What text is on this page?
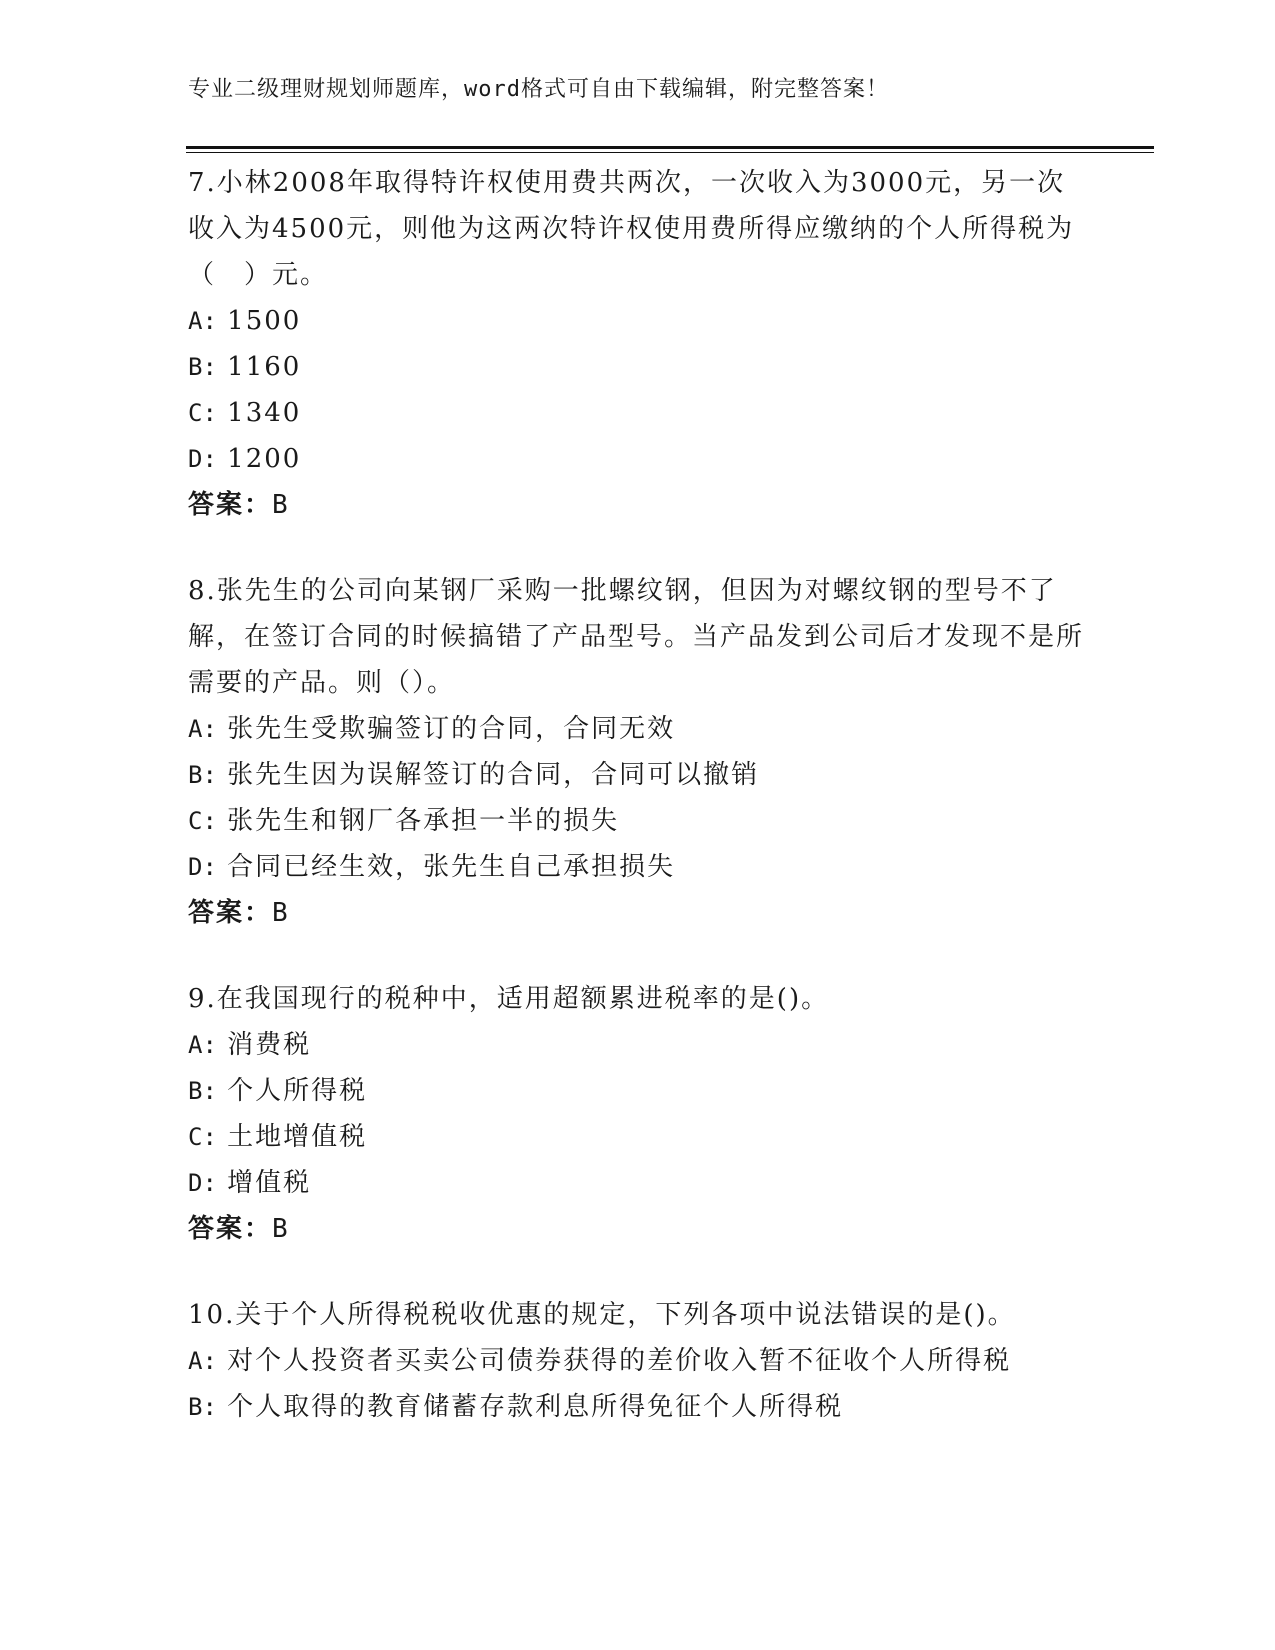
专业二级理财规划师题库，word格式可自由下载编辑，附完整答案！

7.小林2008年取得特许权使用费共两次，一次收入为3000元，另一次收入为4500元，则他为这两次特许权使用费所得应缴纳的个人所得税为（　）元。

A: 1500

B: 1160

C: 1340

D: 1200

答案：B

8.张先生的公司向某钢厂采购一批螺纹钢，但因为对螺纹钢的型号不了解，在签订合同的时候搞错了产品型号。当产品发到公司后才发现不是所需要的产品。则（）。

A: 张先生受欺骗签订的合同，合同无效

B: 张先生因为误解签订的合同，合同可以撤销

C: 张先生和钢厂各承担一半的损失

D: 合同已经生效，张先生自己承担损失

答案：B

9.在我国现行的税种中，适用超额累进税率的是()。

A: 消费税

B: 个人所得税

C: 土地增值税

D: 增值税

答案：B

10.关于个人所得税税收优惠的规定，下列各项中说法错误的是()。

A: 对个人投资者买卖公司债券获得的差价收入暂不征收个人所得税

B: 个人取得的教育储蓄存款利息所得免征个人所得税
